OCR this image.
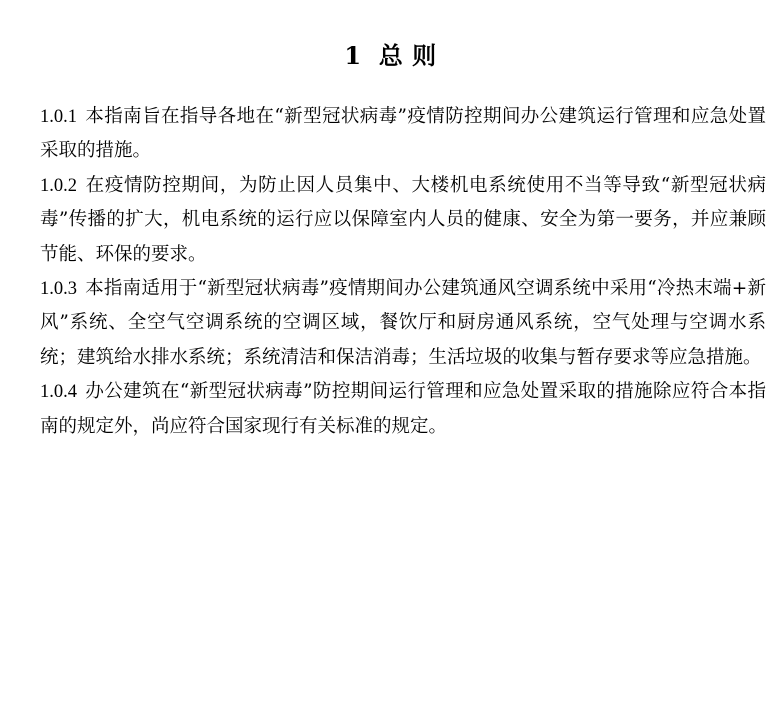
1 总 则

1.0.1 本指南旨在指导各地在“新型冠状病毒”疫情防控期间办公建筑运行管理和应急处置采取的措施。

1.0.2 在疫情防控期间，为防止因人员集中、大楼机电系统使用不当等导致“新型冠状病毒”传播的扩大，机电系统的运行应以保障室内人员的健康、安全为第一要务，并应兼顾节能、环保的要求。

1.0.3 本指南适用于“新型冠状病毒”疫情期间办公建筑通风空调系统中采用“冷热末端+新风”系统、全空气空调系统的空调区域，餐饮厅和厨房通风系统，空气处理与空调水系统；建筑给水排水系统；系统清洁和保洁消毒；生活垃圾的收集与暂存要求等应急措施。

1.0.4 办公建筑在“新型冠状病毒”防控期间运行管理和应急处置采取的措施除应符合本指南的规定外，尚应符合国家现行有关标准的规定。
